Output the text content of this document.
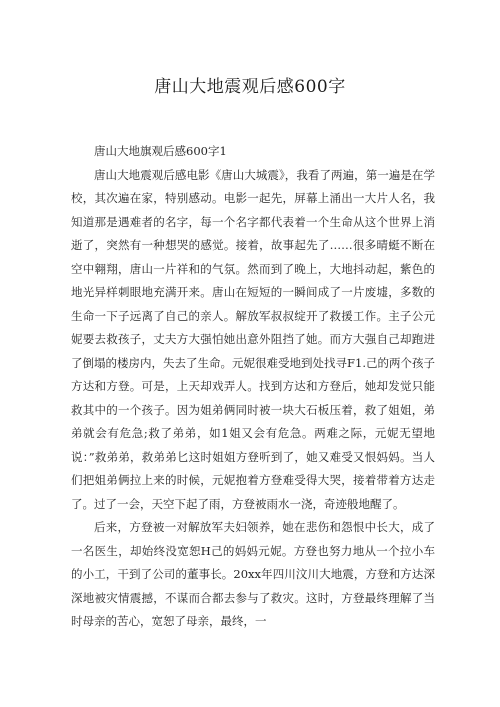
唐山大地震观后感600字

唐山大地旗观后感600字1

唐山大地震观后感电影《唐山大城震》，我看了两遍，第一遍是在学校，其次遍在家，特别感动。电影一起先，屏幕上涌出一大片人名，我知道那是遇难者的名字，每一个名字都代表着一个生命从这个世界上消逝了，突然有一种想哭的感觉。接着，故事起先了……很多晴蜓不断在空中翱翔，唐山一片祥和的气氛。然而到了晚上，大地抖动起，紫色的地光异样刺眼地充满开来。唐山在短短的一瞬间成了一片废墟，多数的生命一下子远离了自己的亲人。解放军叔叔绽开了救援工作。主子公元妮要去救孩子，丈夫方大强怕她出意外阻挡了她。而方大强自己却跑进了倒塌的楼房内，失去了生命。元妮很难受地到处找寻F1.己的两个孩子方达和方登。可是，上天却戏弄人。找到方达和方登后，她却发觉只能救其中的一个孩子。因为姐弟俩同时被一块大石板压着，救了姐姐，弟弟就会有危急;救了弟弟，如1姐又会有危急。两难之际，元妮无望地说：”救弟弟，救弟弟匕这时姐姐方登听到了，她又难受又恨妈妈。当人们把姐弟俩拉上来的时候，元妮抱着方登难受得大哭，接着带着方达走了。过了一会，天空下起了雨，方登被雨水一浇，奇迹般地醒了。

后来，方登被一对解放军夫妇领养，她在悲伤和怨恨中长大，成了一名医生，却始终没宽恕H己的妈妈元妮。方登也努力地从一个拉小车的小工，干到了公司的董事长。20xx年四川汶川大地震，方登和方达深深地被灾情震撼，不谋而合都去参与了救灾。这时，方登最终理解了当时母亲的苦心，宽恕了母亲，最终，一
